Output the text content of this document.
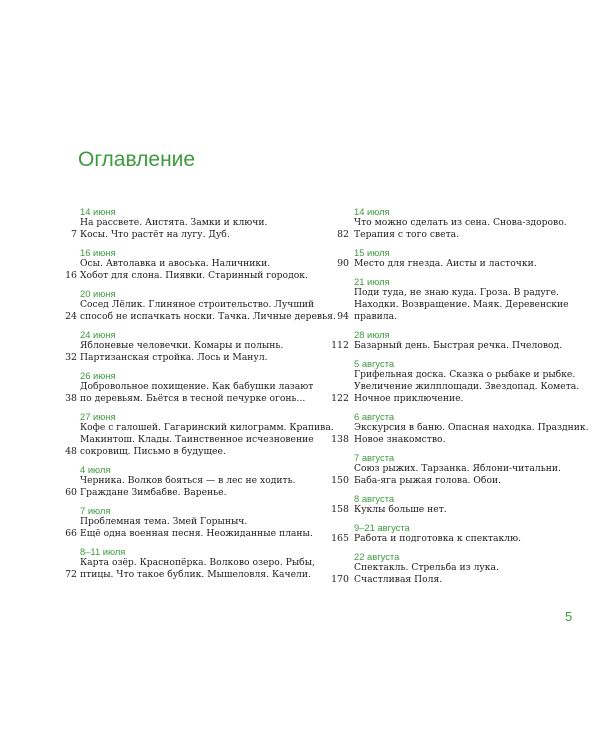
Оглавление
14 июня
На рассвете. Аистята. Замки и ключи.
Косы. Что растёт на лугу. Дуб.
7
16 июня
Осы. Автолавка и авоська. Наличники.
Хобот для слона. Пиявки. Старинный городок.
16
20 июня
Сосед Лёлик. Глиняное строительство. Лучший
способ не испачкать носки. Тачка. Личные деревья.
24
24 июня
Яблоневые человечки. Комары и полынь.
Партизанская стройка. Лось и Манул.
32
26 июня
Добровольное похищение. Как бабушки лазают
по деревьям. Бьётся в тесной печурке огонь...
38
27 июня
Кофе с галошей. Гагаринский килограмм. Крапива.
Макинтош. Клады. Таинственное исчезновение
сокровищ. Письмо в будущее.
48
4 июля
Черника. Волков бояться — в лес не ходить.
Граждане Зимбабве. Варенье.
60
7 июля
Проблемная тема. Змей Горыныч.
Ещё одна военная песня. Неожиданные планы.
66
8–11 июля
Карта озёр. Краснопёрка. Волково озеро. Рыбы,
птицы. Что такое бублик. Мышеловля. Качели.
72
14 июля
Что можно сделать из сена. Снова-здорово.
Терапия с того света.
82
15 июля
Место для гнезда. Аисты и ласточки.
90
21 июля
Поди туда, не знаю куда. Гроза. В радуге.
Находки. Возвращение. Маяк. Деревенские
правила.
94
28 июля
Базарный день. Быстрая речка. Пчеловод.
112
5 августа
Грифельная доска. Сказка о рыбаке и рыбке.
Увеличение жилплощади. Звездопад. Комета.
Ночное приключение.
122
6 августа
Экскурсия в баню. Опасная находка. Праздник.
Новое знакомство.
138
7 августа
Союз рыжих. Тарзанка. Яблони-читальни.
Баба-яга рыжая голова. Обои.
150
8 августа
Куклы больше нет.
158
9–21 августа
Работа и подготовка к спектаклю.
165
22 августа
Спектакль. Стрельба из лука.
Счастливая Поля.
170
5
